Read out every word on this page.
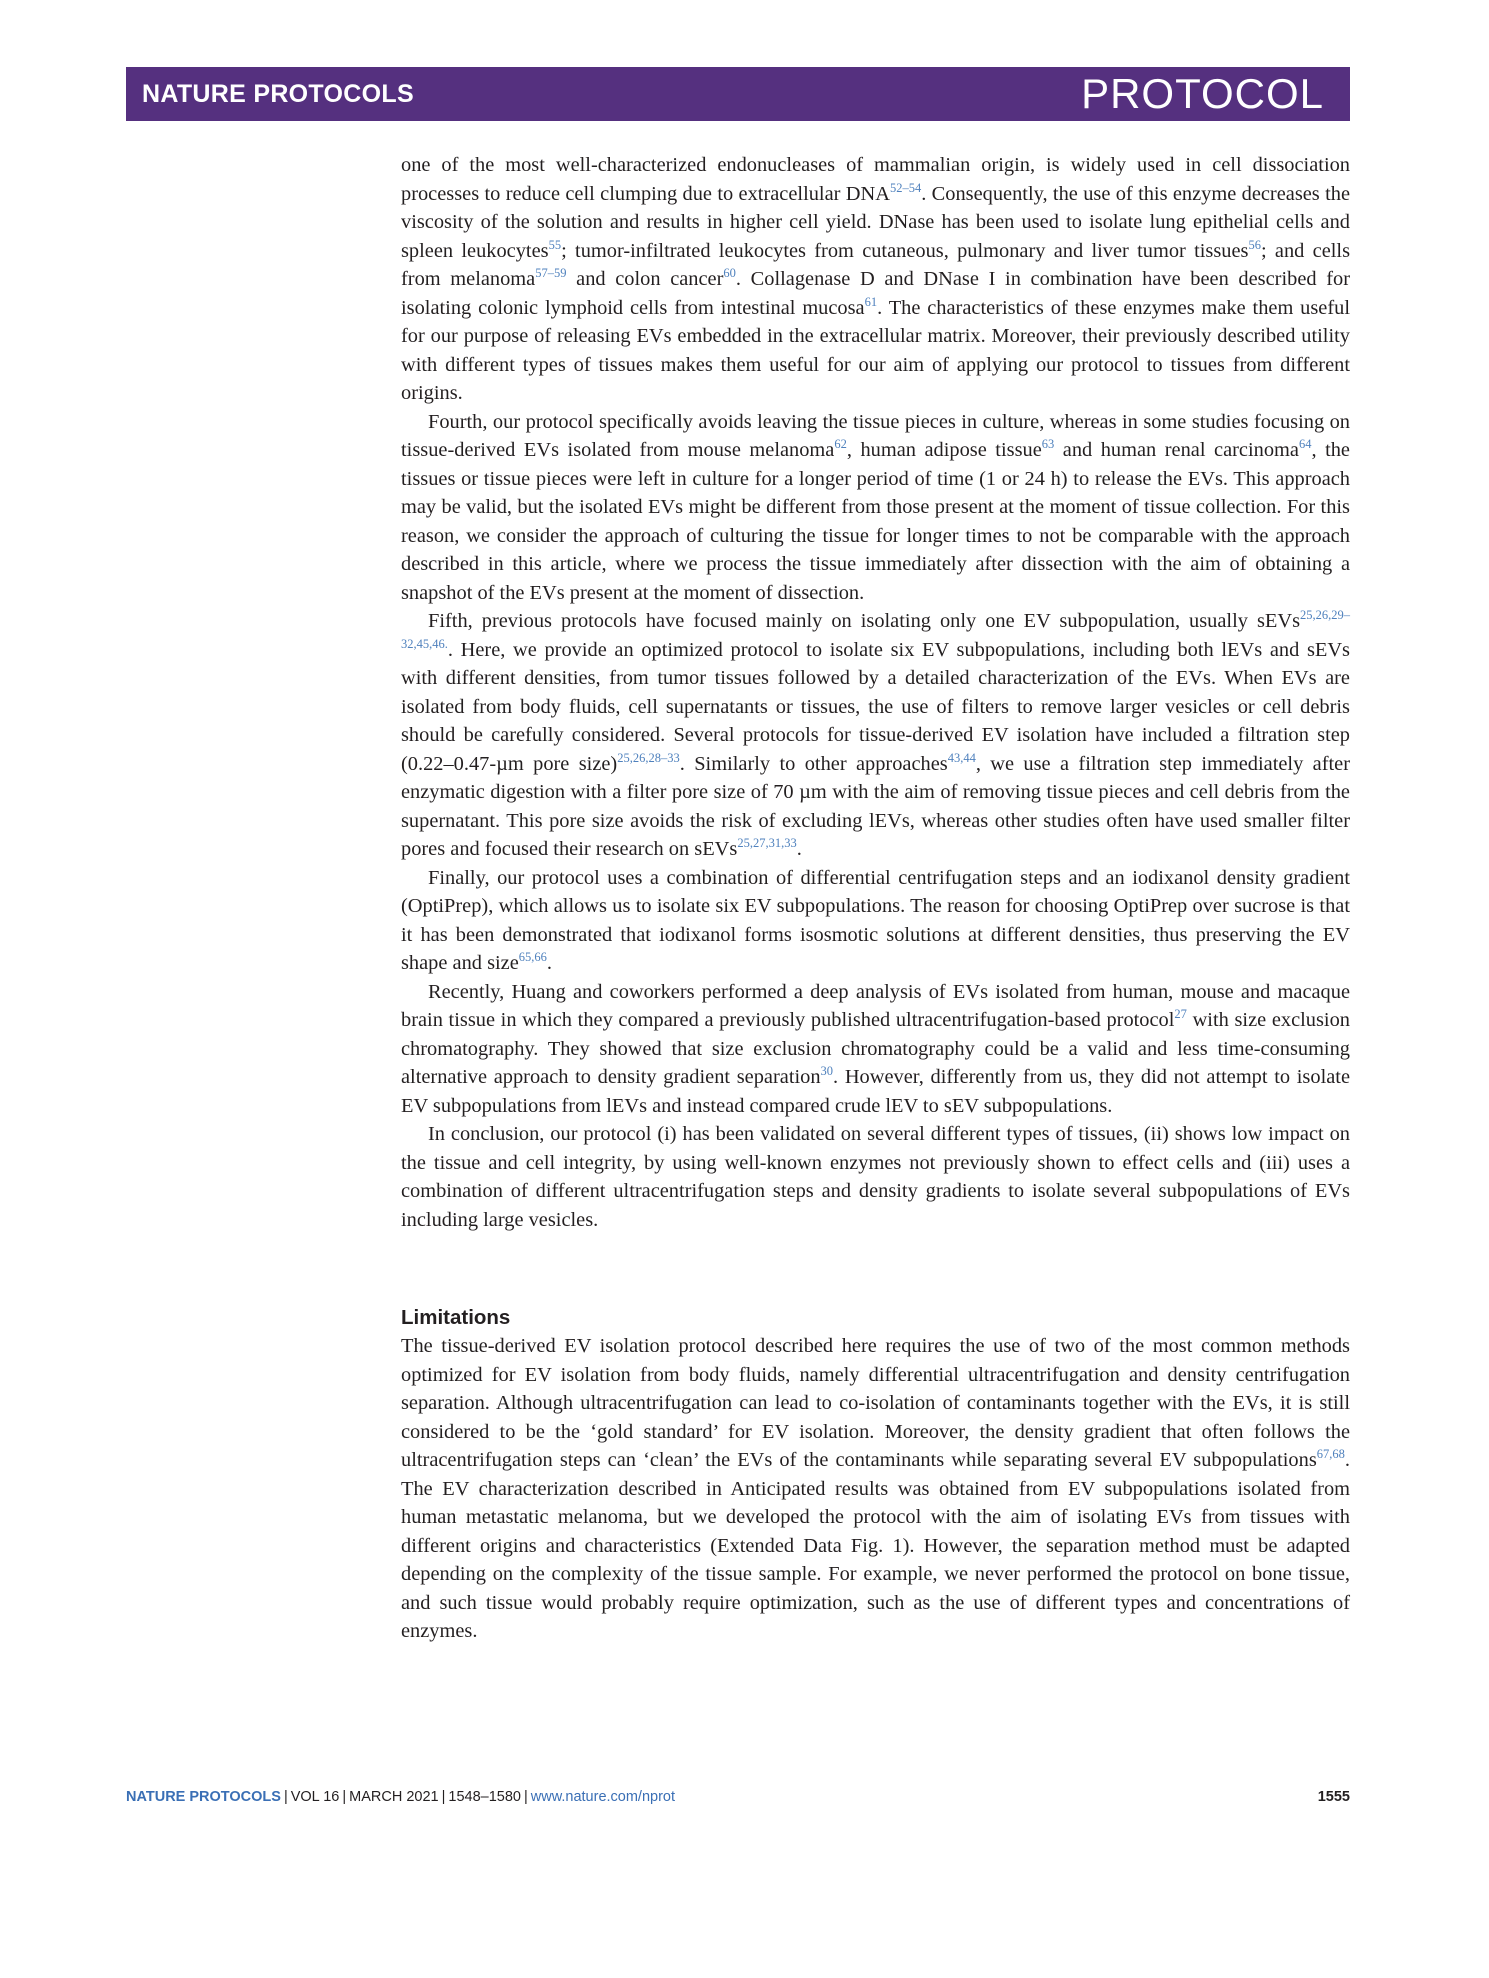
NATURE PROTOCOLS	PROTOCOL

one of the most well-characterized endonucleases of mammalian origin, is widely used in cell dissociation processes to reduce cell clumping due to extracellular DNA$^{52-54}$. Consequently, the use of this enzyme decreases the viscosity of the solution and results in higher cell yield. DNase has been used to isolate lung epithelial cells and spleen leukocytes$^{55}$; tumor-infiltrated leukocytes from cutaneous, pulmonary and liver tumor tissues$^{56}$; and cells from melanoma$^{57-59}$ and colon cancer$^{60}$. Collagenase D and DNase I in combination have been described for isolating colonic lymphoid cells from intestinal mucosa$^{61}$. The characteristics of these enzymes make them useful for our purpose of releasing EVs embedded in the extracellular matrix. Moreover, their previously described utility with different types of tissues makes them useful for our aim of applying our protocol to tissues from different origins.

Fourth, our protocol specifically avoids leaving the tissue pieces in culture, whereas in some studies focusing on tissue-derived EVs isolated from mouse melanoma$^{62}$, human adipose tissue$^{63}$ and human renal carcinoma$^{64}$, the tissues or tissue pieces were left in culture for a longer period of time (1 or 24 h) to release the EVs. This approach may be valid, but the isolated EVs might be different from those present at the moment of tissue collection. For this reason, we consider the approach of culturing the tissue for longer times to not be comparable with the approach described in this article, where we process the tissue immediately after dissection with the aim of obtaining a snapshot of the EVs present at the moment of dissection.

Fifth, previous protocols have focused mainly on isolating only one EV subpopulation, usually sEVs$^{25,26,29-32,45,46.}$. Here, we provide an optimized protocol to isolate six EV subpopulations, including both lEVs and sEVs with different densities, from tumor tissues followed by a detailed characterization of the EVs. When EVs are isolated from body fluids, cell supernatants or tissues, the use of filters to remove larger vesicles or cell debris should be carefully considered. Several protocols for tissue-derived EV isolation have included a filtration step (0.22–0.47-µm pore size)$^{25,26,28-33}$. Similarly to other approaches$^{43,44}$, we use a filtration step immediately after enzymatic digestion with a filter pore size of 70 µm with the aim of removing tissue pieces and cell debris from the supernatant. This pore size avoids the risk of excluding lEVs, whereas other studies often have used smaller filter pores and focused their research on sEVs$^{25,27,31,33}$.

Finally, our protocol uses a combination of differential centrifugation steps and an iodixanol density gradient (OptiPrep), which allows us to isolate six EV subpopulations. The reason for choosing OptiPrep over sucrose is that it has been demonstrated that iodixanol forms isosmotic solutions at different densities, thus preserving the EV shape and size$^{65,66}$.

Recently, Huang and coworkers performed a deep analysis of EVs isolated from human, mouse and macaque brain tissue in which they compared a previously published ultracentrifugation-based protocol$^{27}$ with size exclusion chromatography. They showed that size exclusion chromatography could be a valid and less time-consuming alternative approach to density gradient separation$^{30}$. However, differently from us, they did not attempt to isolate EV subpopulations from lEVs and instead compared crude lEV to sEV subpopulations.

In conclusion, our protocol (i) has been validated on several different types of tissues, (ii) shows low impact on the tissue and cell integrity, by using well-known enzymes not previously shown to effect cells and (iii) uses a combination of different ultracentrifugation steps and density gradients to isolate several subpopulations of EVs including large vesicles.

Limitations

The tissue-derived EV isolation protocol described here requires the use of two of the most common methods optimized for EV isolation from body fluids, namely differential ultracentrifugation and density centrifugation separation. Although ultracentrifugation can lead to co-isolation of contaminants together with the EVs, it is still considered to be the ‘gold standard’ for EV isolation. Moreover, the density gradient that often follows the ultracentrifugation steps can ‘clean’ the EVs of the contaminants while separating several EV subpopulations$^{67,68}$. The EV characterization described in Anticipated results was obtained from EV subpopulations isolated from human metastatic melanoma, but we developed the protocol with the aim of isolating EVs from tissues with different origins and characteristics (Extended Data Fig. 1). However, the separation method must be adapted depending on the complexity of the tissue sample. For example, we never performed the protocol on bone tissue, and such tissue would probably require optimization, such as the use of different types and concentrations of enzymes.

NATURE PROTOCOLS | VOL 16 | MARCH 2021 | 1548–1580 | www.nature.com/nprot	1555
